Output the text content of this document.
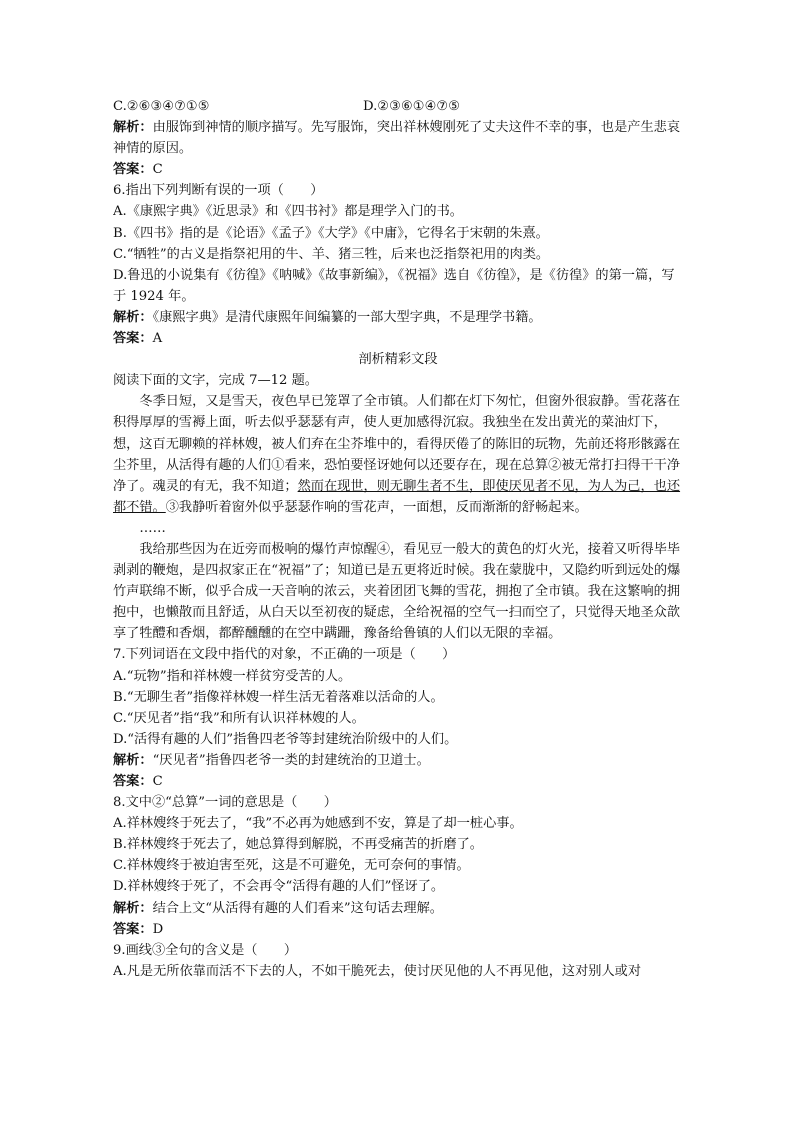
C.②⑥③④⑦①⑤	D.②③⑥①④⑦⑤
解析：由服饰到神情的顺序描写。先写服饰，突出祥林嫂刚死了丈夫这件不幸的事，也是产生悲哀神情的原因。
答案：C
6.指出下列判断有误的一项（　　）
A.《康熙字典》《近思录》和《四书衬》都是理学入门的书。
B.《四书》指的是《论语》《孟子》《大学》《中庸》，它得名于宋朝的朱熹。
C.“牺牲”的古义是指祭祀用的牛、羊、猪三牲，后来也泛指祭祀用的肉类。
D.鲁迅的小说集有《彷徨》《呐喊》《故事新编》，《祝福》选自《彷徨》，是《彷徨》的第一篇，写于 1924 年。
解析：《康熙字典》是清代康熙年间编纂的一部大型字典，不是理学书籍。
答案：A
剖析精彩文段
阅读下面的文字，完成 7—12 题。
冬季日短，又是雪天，夜色早已笼罩了全市镇。人们都在灯下匆忙，但窗外很寂静。雪花落在积得厚厚的雪褥上面，听去似乎瑟瑟有声，使人更加感得沉寂。我独坐在发出黄光的菜油灯下，想，这百无聊赖的祥林嫂，被人们弃在尘芥堆中的，看得厌倦了的陈旧的玩物，先前还将形骸露在尘芥里，从活得有趣的人们①看来，恐怕要怪讶她何以还要存在，现在总算②被无常打扫得干干净净了。魂灵的有无，我不知道；然而在现世，则无聊生者不生，即使厌见者不见，为人为己，也还都不错。③我静听着窗外似乎瑟瑟作响的雪花声，一面想，反而渐渐的舒畅起来。
……
我给那些因为在近旁而极响的爆竹声惊醒④，看见豆一般大的黄色的灯火光，接着又听得毕毕剥剥的鞭炮，是四叔家正在“祝福”了；知道已是五更将近时候。我在蒙胧中，又隐约听到远处的爆竹声联绵不断，似乎合成一天音响的浓云，夹着团团飞舞的雪花，拥抱了全市镇。我在这繁响的拥抱中，也懒散而且舒适，从白天以至初夜的疑虑，全给祝福的空气一扫而空了，只觉得天地圣众歆享了牲醴和香烟，都醉醺醺的在空中蹒跚，豫备给鲁镇的人们以无限的幸福。
7.下列词语在文段中指代的对象，不正确的一项是（　　）
A.“玩物”指和祥林嫂一样贫穷受苦的人。
B.“无聊生者”指像祥林嫂一样生活无着落难以活命的人。
C.“厌见者”指“我”和所有认识祥林嫂的人。
D.“活得有趣的人们”指鲁四老爷等封建统治阶级中的人们。
解析：“厌见者”指鲁四老爷一类的封建统治的卫道士。
答案：C
8.文中②“总算”一词的意思是（　　）
A.祥林嫂终于死去了，“我”不必再为她感到不安，算是了却一桩心事。
B.祥林嫂终于死去了，她总算得到解脱，不再受痛苦的折磨了。
C.祥林嫂终于被迫害至死，这是不可避免，无可奈何的事情。
D.祥林嫂终于死了，不会再令“活得有趣的人们”怪讶了。
解析：结合上文“从活得有趣的人们看来”这句话去理解。
答案：D
9.画线③全句的含义是（　　）
A.凡是无所依靠而活不下去的人，不如干脆死去，使讨厌见他的人不再见他，这对别人或对
